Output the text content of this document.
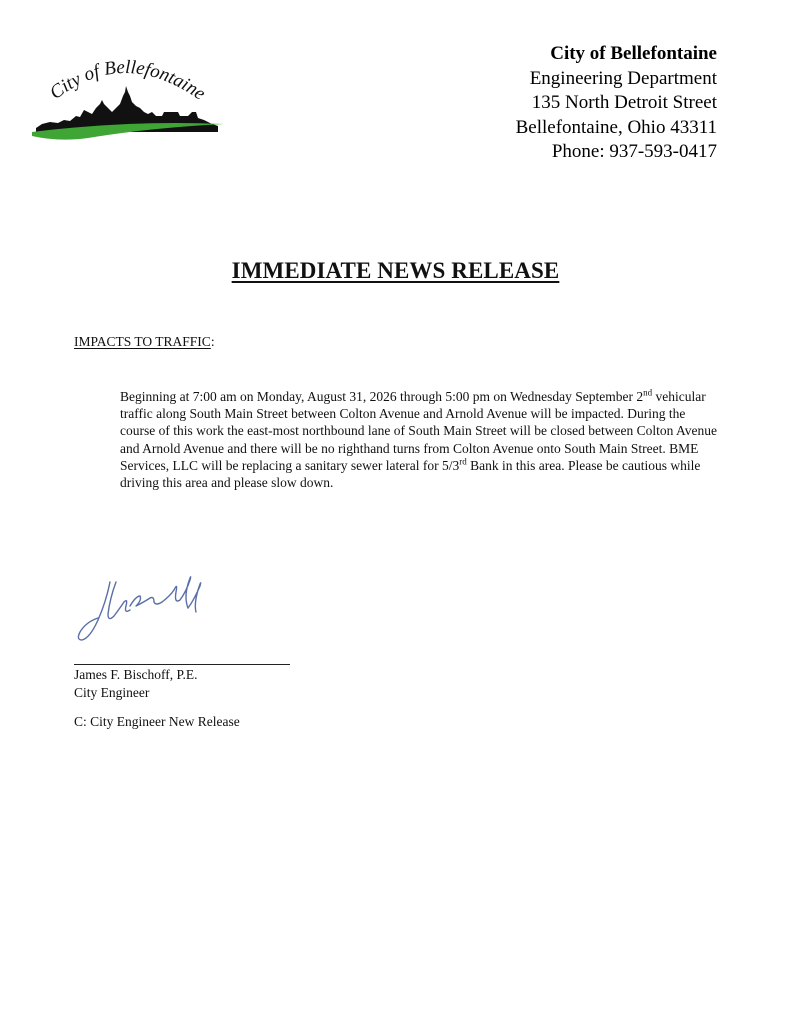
City of Bellefontaine
City of Bellefontaine
Engineering Department
135 North Detroit Street
Bellefontaine, Ohio 43311
Phone: 937-593-0417
IMMEDIATE NEWS RELEASE
IMPACTS TO TRAFFIC:
Beginning at 7:00 am on Monday, August 31, 2026 through 5:00 pm on Wednesday September 2nd vehicular traffic along South Main Street between Colton Avenue and Arnold Avenue will be impacted. During the course of this work the east-most northbound lane of South Main Street will be closed between Colton Avenue and Arnold Avenue and there will be no righthand turns from Colton Avenue onto South Main Street. BME Services, LLC will be replacing a sanitary sewer lateral for 5/3rd Bank in this area. Please be cautious while driving this area and please slow down.
James F. Bischoff, P.E.
City Engineer
C: City Engineer New Release
